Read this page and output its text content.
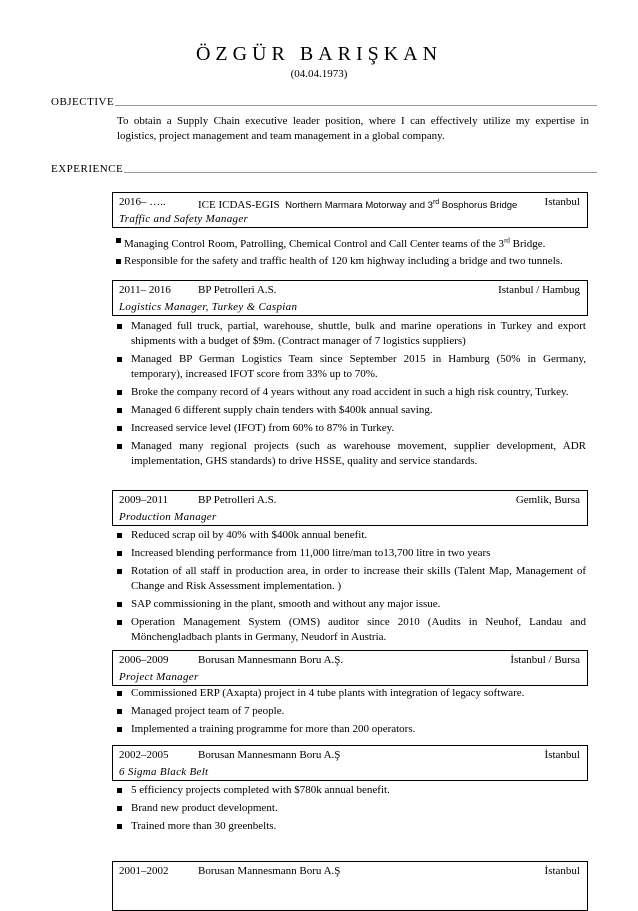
ÖZGÜR BARIŞKAN
(04.04.1973)
OBJECTIVE
To obtain a Supply Chain executive leader position, where I can effectively utilize my expertise in logistics, project management and team management in a global company.
EXPERIENCE
2016– …..	ICE ICDAS-EGIS Northern Marmara Motorway and 3rd Bosphorus Bridge Istanbul
Traffic and Safety Manager
Managing Control Room, Patrolling, Chemical Control and Call Center teams of the 3rd Bridge.
Responsible for the safety and traffic health of 120 km highway including a bridge and two tunnels.
2011– 2016 BP Petrolleri A.S.	Istanbul / Hambug
Logistics Manager, Turkey & Caspian
Managed full truck, partial, warehouse, shuttle, bulk and marine operations in Turkey and export shipments with a budget of $9m. (Contract manager of 7 logistics suppliers)
Managed BP German Logistics Team since September 2015 in Hamburg (50% in Germany, temporary), increased IFOT score from 33% up to 70%.
Broke the company record of 4 years without any road accident in such a high risk country, Turkey.
Managed 6 different supply chain tenders with $400k annual saving.
Increased service level (IFOT) from 60% to 87% in Turkey.
Managed many regional projects (such as warehouse movement, supplier development, ADR implementation, GHS standards) to drive HSSE, quality and service standards.
2009–2011	BP Petrolleri A.S.	Gemlik, Bursa
Production Manager
Reduced scrap oil by 40% with $400k annual benefit.
Increased blending performance from 11,000 litre/man to13,700 litre in two years
Rotation of all staff in production area, in order to increase their skills (Talent Map, Management of Change and Risk Assessment implementation. )
SAP commissioning in the plant, smooth and without any major issue.
Operation Management System (OMS) auditor since 2010 (Audits in Neuhof, Landau and Mönchengladbach plants in Germany, Neudorf in Austria.
2006–2009	Borusan Mannesmann Boru A.Ş.	İstanbul / Bursa
Project Manager
Commissioned ERP (Axapta) project in 4 tube plants with integration of legacy software.
Managed project team of 7 people.
Implemented a training programme for more than 200 operators.
2002–2005	Borusan Mannesmann Boru A.Ş	İstanbul
6 Sigma Black Belt
5 efficiency projects completed with $780k annual benefit.
Brand new product development.
Trained more than 30 greenbelts.
2001–2002	Borusan Mannesmann Boru A.Ş	İstanbul
